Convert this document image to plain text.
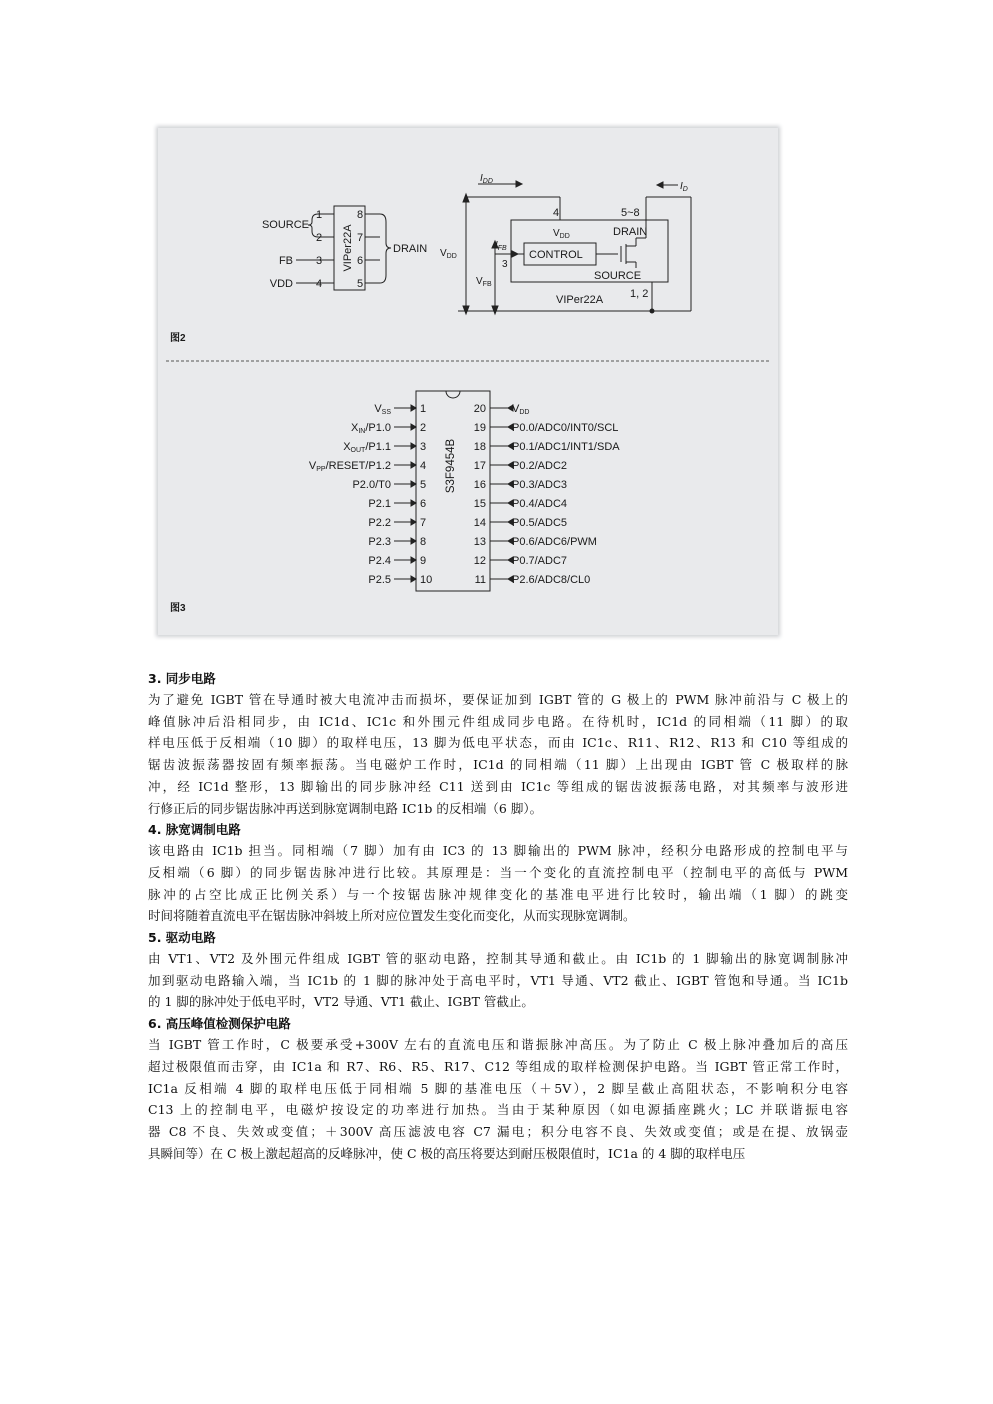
SOURCE
DRAIN
FB
VDD
1
2
3
4
8
7
6
5
VIPer22A
$I_{DD}$	$I_D$
$V_{DD}$
$V_{FB}$
$I_{FB}$
3
4	5~8
$V_{DD}$	DRAIN
CONTROL
SOURCE
1, 2
VIPer22A
图2
S3F9454B
图3
1
VSS
2
XIN/P1.0
3
XOUT/P1.1
4
VPP/RESET/P1.2
5
P2.0/T0
6
P2.1
7
P2.2
8
P2.3
9
P2.4
10
P2.5
20 VDD
19 P0.0/ADC0/INT0/SCL
18 P0.1/ADC1/INT1/SDA
17 P0.2/ADC2
16 P0.3/ADC3
15 P0.4/ADC4
14 P0.5/ADC5
13 P0.6/ADC6/PWM
12 P0.7/ADC7
11 P2.6/ADC8/CL0
3. 同步电路
为了避免 IGBT 管在导通时被大电流冲击而损坏，要保证加到 IGBT 管的 G 极上的 PWM 脉冲前沿与 C 极上的
峰值脉冲后沿相同步，由 IC1d、IC1c 和外围元件组成同步电路。在待机时，IC1d 的同相端（11 脚）的取
样电压低于反相端（10 脚）的取样电压，13 脚为低电平状态，而由 IC1c、R11、R12、R13 和 C10 等组成的
锯齿波振荡器按固有频率振荡。当电磁炉工作时，IC1d 的同相端（11 脚）上出现由 IGBT 管 C 极取样的脉
冲，经 IC1d 整形，13 脚输出的同步脉冲经 C11 送到由 IC1c 等组成的锯齿波振荡电路，对其频率与波形进
行修正后的同步锯齿脉冲再送到脉宽调制电路 IC1b 的反相端（6 脚）。
4. 脉宽调制电路
该电路由 IC1b 担当。同相端（7 脚）加有由 IC3 的 13 脚输出的 PWM 脉冲，经积分电路形成的控制电平与
反相端（6 脚）的同步锯齿脉冲进行比较。其原理是：当一个变化的直流控制电平（控制电平的高低与 PWM
脉冲的占空比成正比例关系）与一个按锯齿脉冲规律变化的基准电平进行比较时，输出端（1 脚）的跳变
时间将随着直流电平在锯齿脉冲斜坡上所对应位置发生变化而变化，从而实现脉宽调制。
5. 驱动电路
由 VT1、VT2 及外围元件组成 IGBT 管的驱动电路，控制其导通和截止。由 IC1b 的 1 脚输出的脉宽调制脉冲
加到驱动电路输入端，当 IC1b 的 1 脚的脉冲处于高电平时，VT1 导通、VT2 截止、IGBT 管饱和导通。当 IC1b
的 1 脚的脉冲处于低电平时，VT2 导通、VT1 截止、IGBT 管截止。
6. 高压峰值检测保护电路
当 IGBT 管工作时，C 极要承受+300V 左右的直流电压和谐振脉冲高压。为了防止 C 极上脉冲叠加后的高压
超过极限值而击穿，由 IC1a 和 R7、R6、R5、R17、C12 等组成的取样检测保护电路。当 IGBT 管正常工作时，
IC1a 反相端 4 脚的取样电压低于同相端 5 脚的基准电压（＋5V），2 脚呈截止高阻状态，不影响积分电容
C13 上的控制电平，电磁炉按设定的功率进行加热。当由于某种原因（如电源插座跳火；LC 并联谐振电容
器 C8 不良、失效或变值；＋300V 高压滤波电容 C7 漏电；积分电容不良、失效或变值；或是在提、放锅壶
具瞬间等）在 C 极上激起超高的反峰脉冲，使 C 极的高压将要达到耐压极限值时，IC1a 的 4 脚的取样电压
